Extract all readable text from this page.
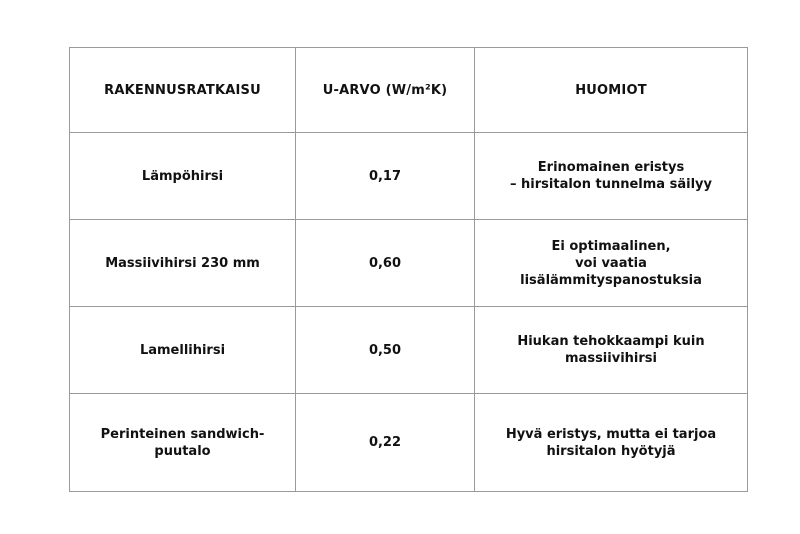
RAKENNUSRATKAISU	U-ARVO (W/m²K)	HUOMIOT
Lämpöhirsi	0,17	Erinomainen eristys
– hirsitalon tunnelma säilyy

Massiivihirsi 230 mm	0,60	Ei optimaalinen,
voi vaatia lisälämmityspanostuksia

Lamellihirsi	0,50	Hiukan tehokkaampi kuin
massiivihirsi

Perinteinen sandwich-puutalo	0,22	Hyvä eristys, mutta ei tarjoa
hirsitalon hyötyjä
